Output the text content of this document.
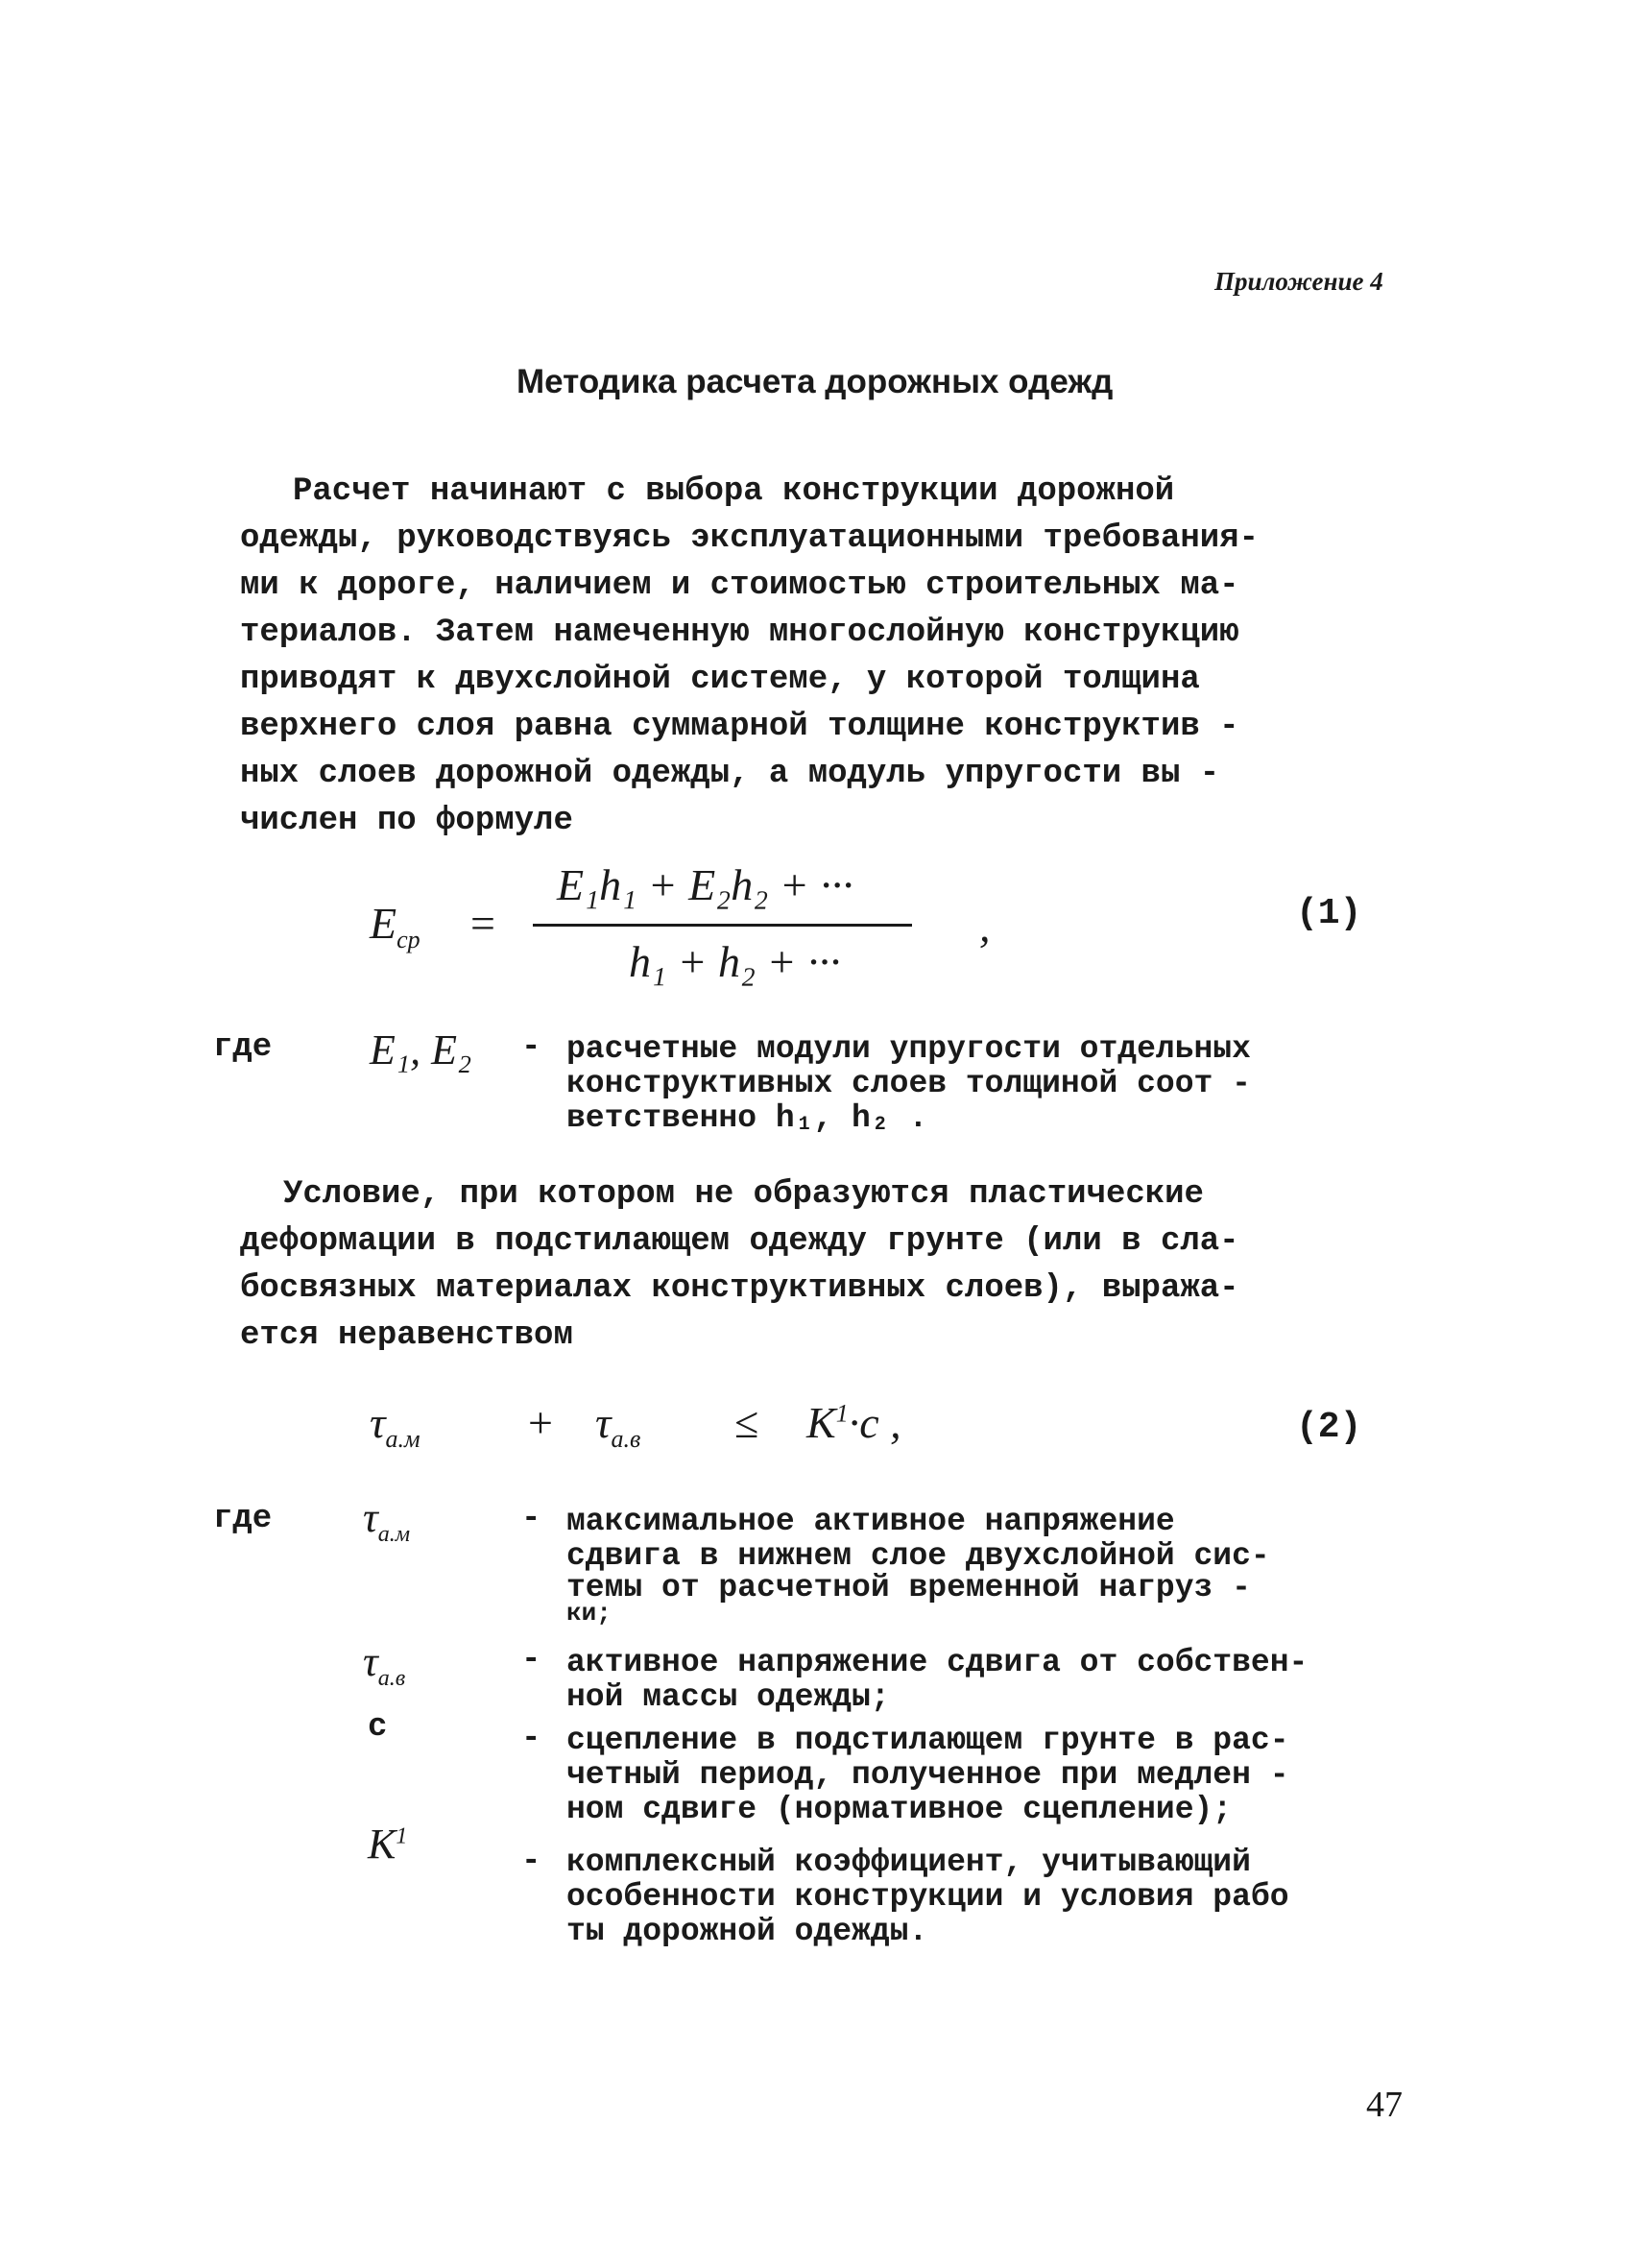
Приложение 4
Методика расчета дорожных одежд
Расчет начинают с выбора конструкции дорожной
одежды, руководствуясь эксплуатационными требования-
ми к дороге, наличием и стоимостью строительных ма-
териалов. Затем намеченную многослойную конструкцию
приводят к двухслойной системе, у которой толщина
верхнего слоя равна суммарной толщине конструктив -
ных слоев дорожной одежды, а модуль упругости вы -
числен по формуле
$E_{ср}$ =
E₁h₁ + E₂h₂ + ···
h₁ + h₂ + ···
,	(1)
где E₁, E₂ - расчетные модули упругости отдельных
конструктивных слоев толщиной соот -
ветственно h₁, h₂ .
Условие, при котором не образуются пластические
деформации в подстилающем одежду грунте (или в сла-
босвязных материалах конструктивных слоев), выража-
ется неравенством
$\tau_{а.м} + \tau_{а.в} \le K^1\cdot c$ ,	(2)
где $\tau_{а.м}$	- максимальное активное напряжение
сдвига в нижнем слое двухслойной сис-
темы от расчетной временной нагруз -
ки;
$\tau_{а.в}$	- активное напряжение сдвига от собствен-
ной массы одежды;
с	- сцепление в подстилающем грунте в рас-
четный период, полученное при медлен -
ном сдвиге (нормативное сцепление);
$K^1$
- комплексный коэффициент, учитывающий
особенности конструкции и условия рабо
ты дорожной одежды.
47
